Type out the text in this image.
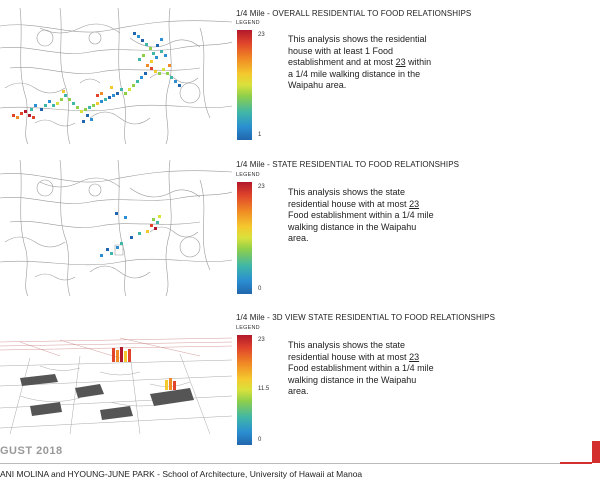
1/4 Mile - OVERALL RESIDENTIAL TO FOOD RELATIONSHIPS
LEGEND
23
1
This analysis shows the residential house with at least 1 Food establishment and at most 23 within a 1/4 mile walking distance in the Waipahu area.
1/4 Mile - STATE RESIDENTIAL TO FOOD RELATIONSHIPS
LEGEND
23
0
This analysis shows the state residential house with at most 23 Food establishment within a 1/4 mile walking distance in the Waipahu area.
1/4 Mile - 3D VIEW STATE RESIDENTIAL TO FOOD RELATIONSHIPS
LEGEND
23
11.5
0
This analysis shows the state residential house with at most 23 Food establishment within a 1/4 mile walking distance in the Waipahu area.
GUST 2018
ANI MOLINA and HYOUNG-JUNE PARK - School of Architecture, University of Hawaii at Manoa
